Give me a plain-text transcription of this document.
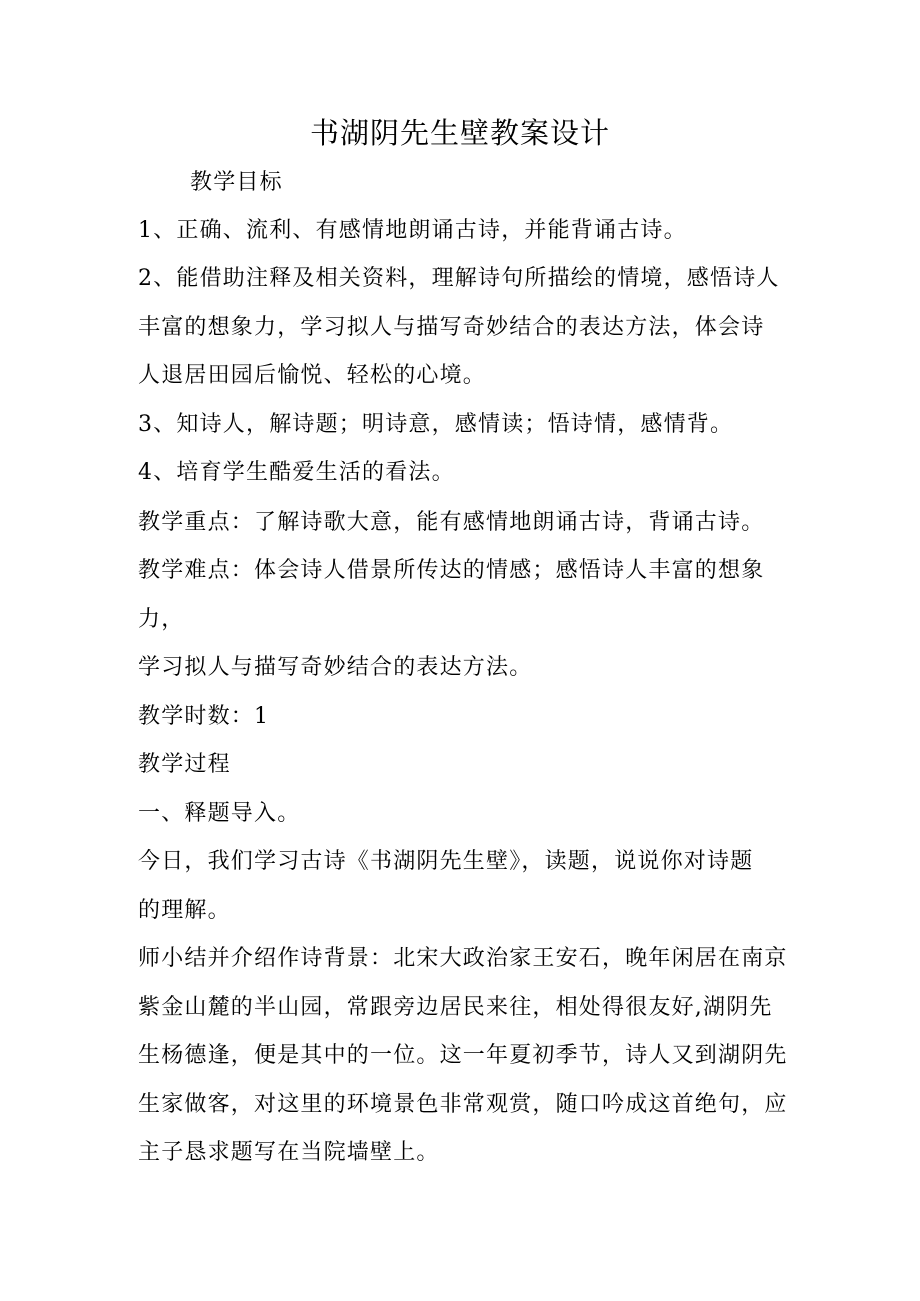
书湖阴先生壁教案设计
教学目标
1、正确、流利、有感情地朗诵古诗，并能背诵古诗。
2、能借助注释及相关资料，理解诗句所描绘的情境，感悟诗人
丰富的想象力，学习拟人与描写奇妙结合的表达方法，体会诗
人退居田园后愉悦、轻松的心境。
3、知诗人，解诗题；明诗意，感情读；悟诗情，感情背。
4、培育学生酷爱生活的看法。
教学重点：了解诗歌大意，能有感情地朗诵古诗，背诵古诗。
教学难点：体会诗人借景所传达的情感；感悟诗人丰富的想象
力，
学习拟人与描写奇妙结合的表达方法。
教学时数：1
教学过程
一、释题导入。
今日，我们学习古诗《书湖阴先生壁》，读题，说说你对诗题
的理解。
师小结并介绍作诗背景：北宋大政治家王安石，晚年闲居在南京
紫金山麓的半山园，常跟旁边居民来往，相处得很友好,湖阴先
生杨德逢，便是其中的一位。这一年夏初季节，诗人又到湖阴先
生家做客，对这里的环境景色非常观赏，随口吟成这首绝句，应
主子恳求题写在当院墙壁上。
